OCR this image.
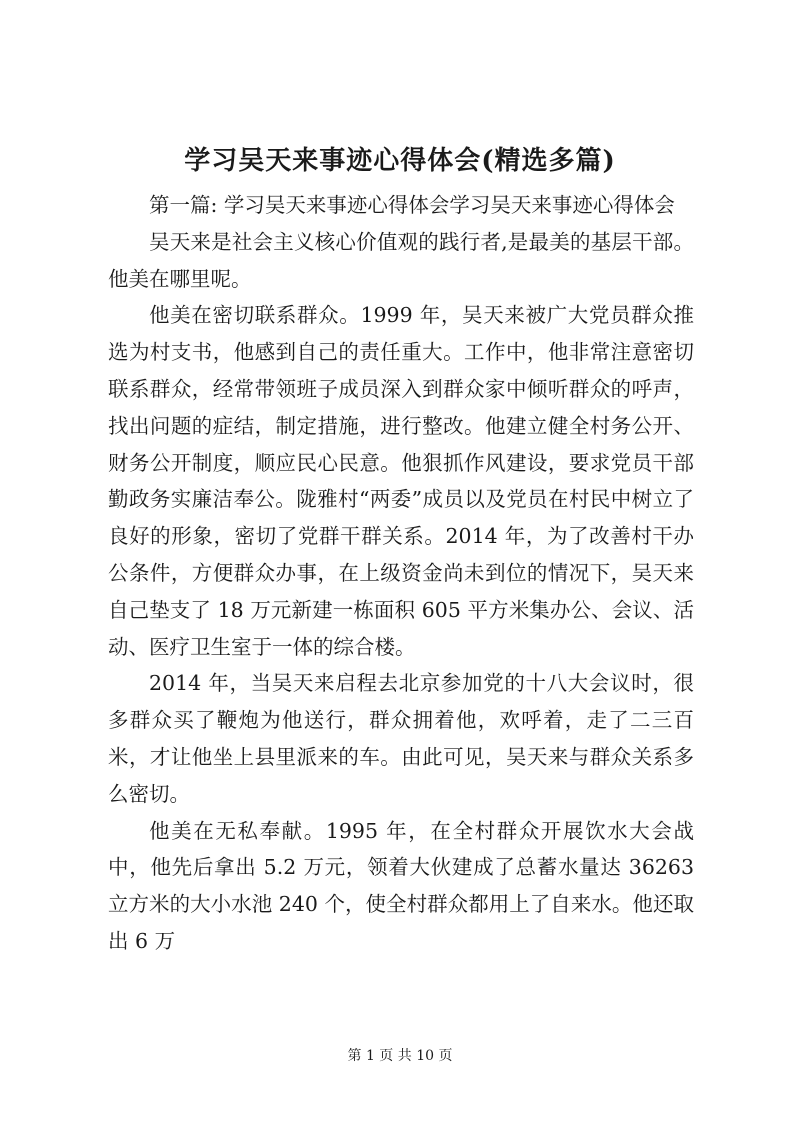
学习吴天来事迹心得体会(精选多篇)

第一篇: 学习吴天来事迹心得体会学习吴天来事迹心得体会

吴天来是社会主义核心价值观的践行者,是最美的基层干部。他美在哪里呢。

他美在密切联系群众。1999 年，吴天来被广大党员群众推选为村支书，他感到自己的责任重大。工作中，他非常注意密切联系群众，经常带领班子成员深入到群众家中倾听群众的呼声，找出问题的症结，制定措施，进行整改。他建立健全村务公开、财务公开制度，顺应民心民意。他狠抓作风建设，要求党员干部勤政务实廉洁奉公。陇雅村“两委”成员以及党员在村民中树立了良好的形象，密切了党群干群关系。2014 年，为了改善村干办公条件，方便群众办事，在上级资金尚未到位的情况下，吴天来自己垫支了 18 万元新建一栋面积 605 平方米集办公、会议、活动、医疗卫生室于一体的综合楼。

2014 年，当吴天来启程去北京参加党的十八大会议时，很多群众买了鞭炮为他送行，群众拥着他，欢呼着，走了二三百米，才让他坐上县里派来的车。由此可见，吴天来与群众关系多么密切。

他美在无私奉献。1995 年，在全村群众开展饮水大会战中，他先后拿出 5.2 万元，领着大伙建成了总蓄水量达 36263 立方米的大小水池 240 个，使全村群众都用上了自来水。他还取出 6 万

第 1 页 共 10 页
